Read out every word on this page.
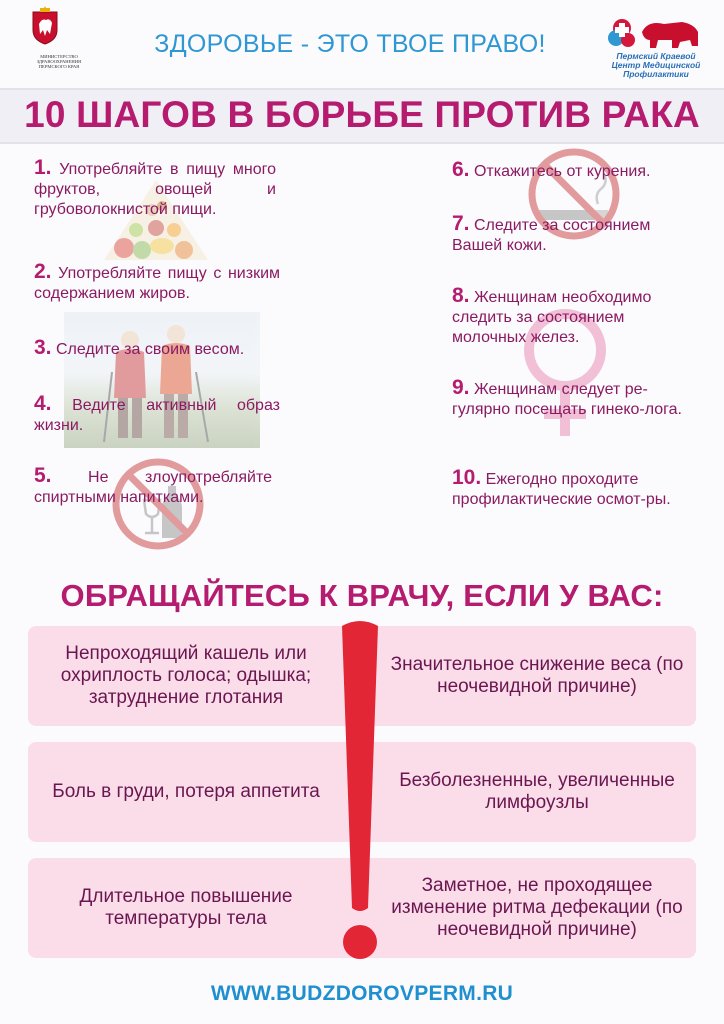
МИНИСТЕРСТВО ЗДРАВООХРАНЕНИЯ ПЕРМСКОГО КРАЯ
ЗДОРОВЬЕ - ЭТО ТВОЕ ПРАВО!	Пермский Краевой
Центр Медицинской
Профилактики
10 ШАГОВ В БОРЬБЕ ПРОТИВ РАКА
1. Употребляйте в пищу много фруктов, овощей и грубоволокнистой пищи.
2. Употребляйте пищу с низким содержанием жиров.
3. Следите за своим весом.
4. Ведите активный образ жизни.
5. Не злоупотребляйте спиртными напитками.
6. Откажитесь от курения.
7. Следите за состоянием Вашей кожи.
8. Женщинам необходимо следить за состоянием молочных желез.
9. Женщинам следует ре-гулярно посещать гинеко-лога.
10. Ежегодно проходите профилактические осмот-ры.
ОБРАЩАЙТЕСЬ К ВРАЧУ, ЕСЛИ У ВАС:
Непроходящий кашель или охриплость голоса; одышка; затруднение глотания
Значительное снижение веса (по неочевидной причине)
Боль в груди, потеря аппетита
Безболезненные, увеличенные лимфоузлы
Длительное повышение температуры тела
Заметное, не проходящее изменение ритма дефекации (по неочевидной причине)
WWW.BUDZDOROVPERM.RU
